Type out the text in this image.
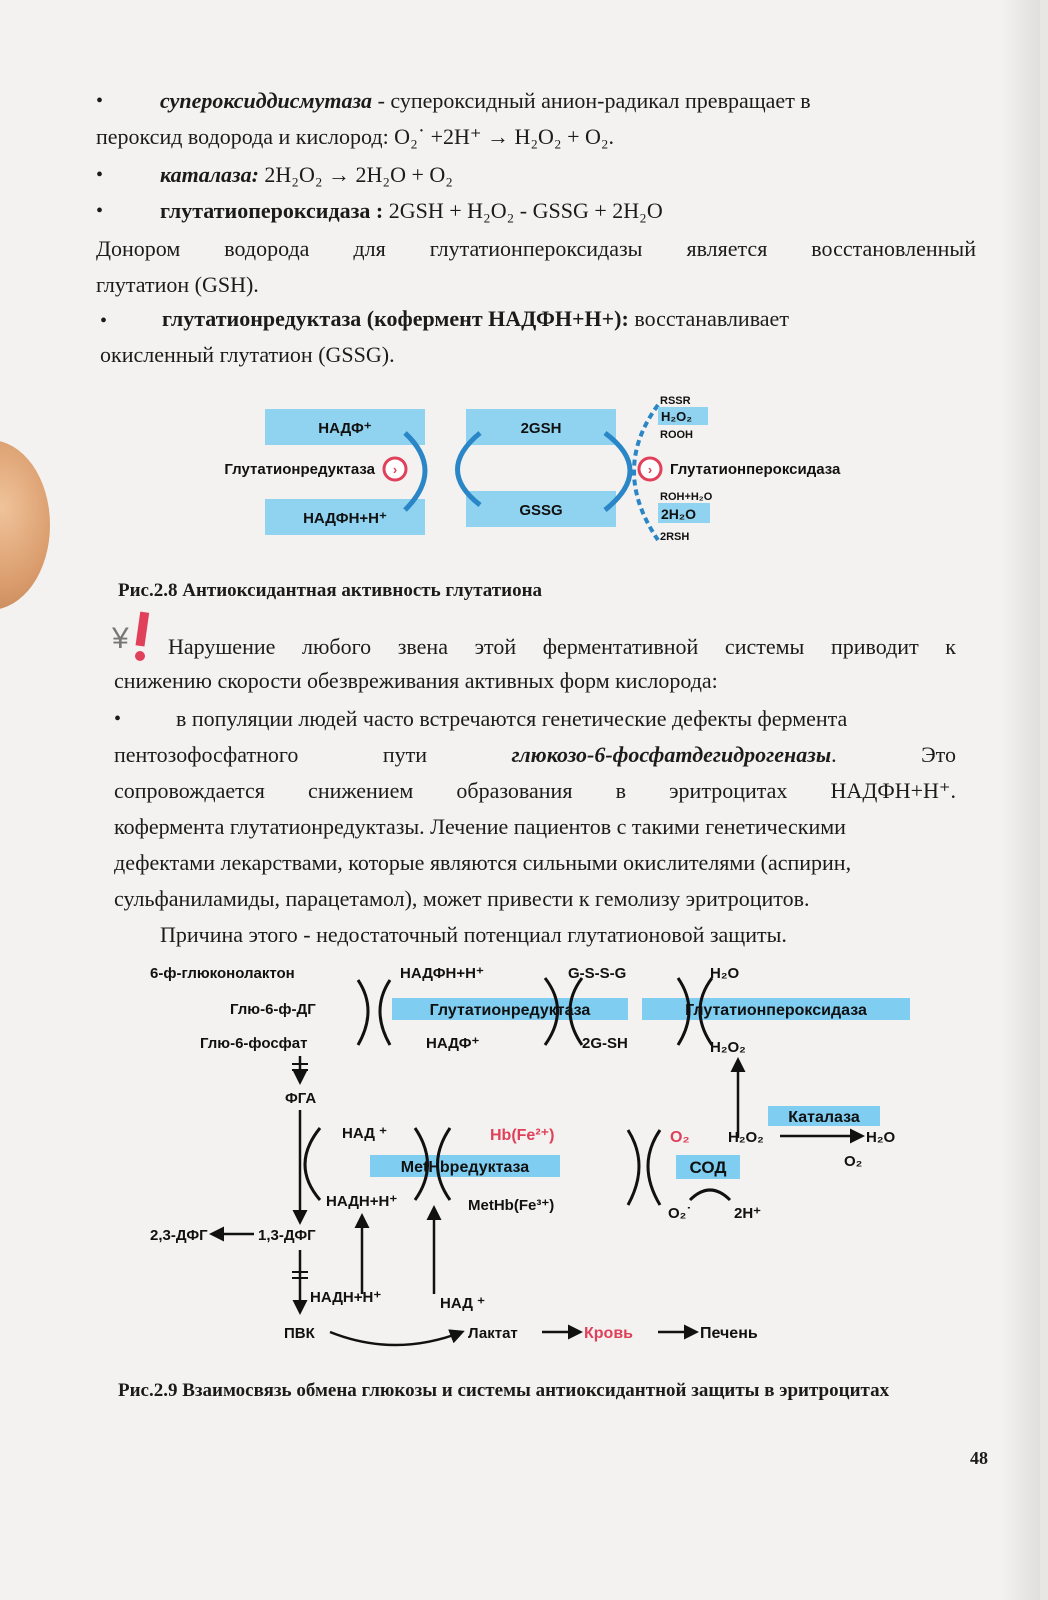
•	супероксиддисмутаза - супероксидный анион-радикал превращает в
пероксид водорода и кислород: O₂˙ +2H⁺ → H₂O₂ + O₂.
•	каталаза: 2H₂O₂ → 2H₂O + O₂
•	глутатиопероксидаза : 2GSH + H₂O₂ - GSSG + 2H₂O
Донором водорода для глутатионпероксидазы является восстановленный
глутатион (GSH).
• глутатионредуктаза (кофермент НАДФН+Н+): восстанавливает
окисленный глутатион (GSSG).
НАДФ⁺
НАДФН+Н⁺
2GSH
GSSG
›
Глутатионредуктаза	› Глутатионпероксидаза
RSSR
H₂O₂
ROOH
ROH+H₂O
2H₂O
2RSH
Рис.2.8 Антиоксидантная активность глутатиона
¥ Нарушение любого звена этой ферментативной системы приводит к
снижению скорости обезвреживания активных форм кислорода:
• в популяции людей часто встречаются генетические дефекты фермента
пентозофосфатного	пути	глюкозо-6-фосфатдегидрогеназы.	Это
сопровождается снижением образования в эритроцитах НАДФН+Н⁺.
кофермента глутатионредуктазы. Лечение пациентов с такими генетическими
дефектами лекарствами, которые являются сильными окислителями (аспирин,
сульфаниламиды, парацетамол), может привести к гемолизу эритроцитов.
Причина этого - недостаточный потенциал глутатионовой защиты.
6-ф-глюконолактон
Глю-6-ф-ДГ
Глю-6-фосфат
НАДФН+Н⁺
НАДФ⁺
Глутатионредуктаза
G-S-S-G
2G-SH
Глутатионпероксидаза
H₂O
H₂O₂
ФГА
НАД ⁺	Hb(Fe²⁺)
MetHbредуктаза
НАДН+Н⁺	MetHb(Fe³⁺)
O₂
СОД
O₂˙	2H⁺
Каталаза
H₂O₂	H₂O
O₂
2,3-ДФГ	1,3-ДФГ
НАДН+Н⁺	НАД ⁺
ПВК	Лактат	Кровь	Печень
Рис.2.9 Взаимосвязь обмена глюкозы и системы антиоксидантной защиты в эритроцитах
48
